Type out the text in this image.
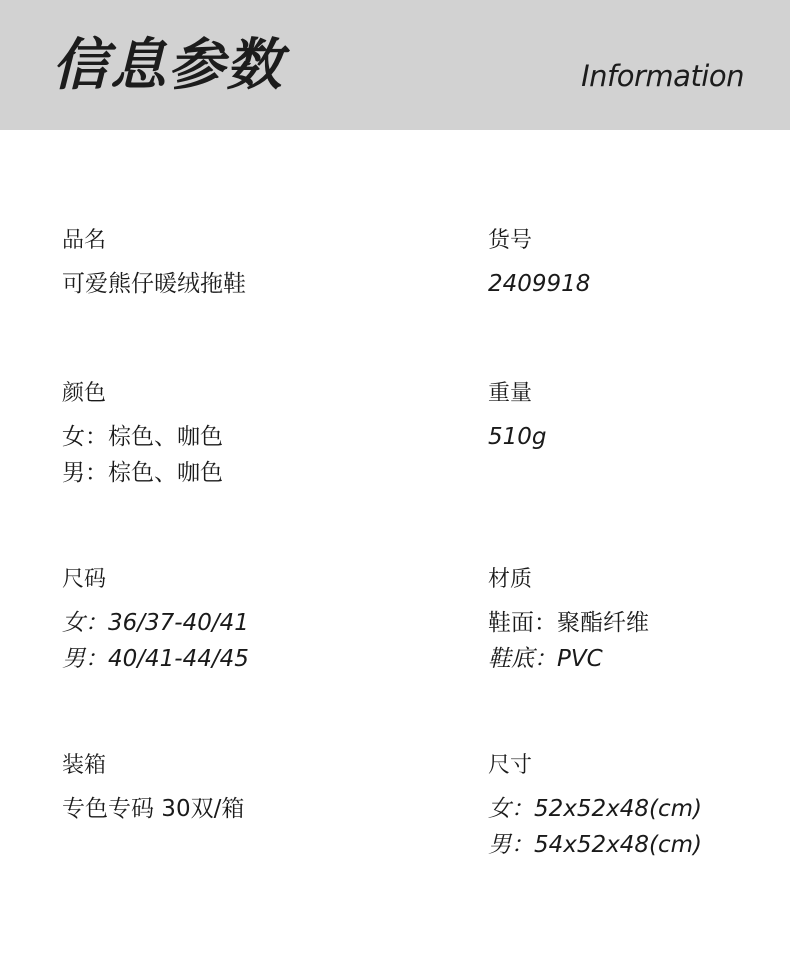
信息参数	Information
品名
可爱熊仔暖绒拖鞋
货号
2409918
颜色
女：棕色、咖色
男：棕色、咖色
重量
510g
尺码
女：36/37-40/41
男：40/41-44/45
材质
鞋面：聚酯纤维
鞋底：PVC
装箱
专色专码 30双/箱
尺寸
女：52x52x48(cm)
男：54x52x48(cm)
